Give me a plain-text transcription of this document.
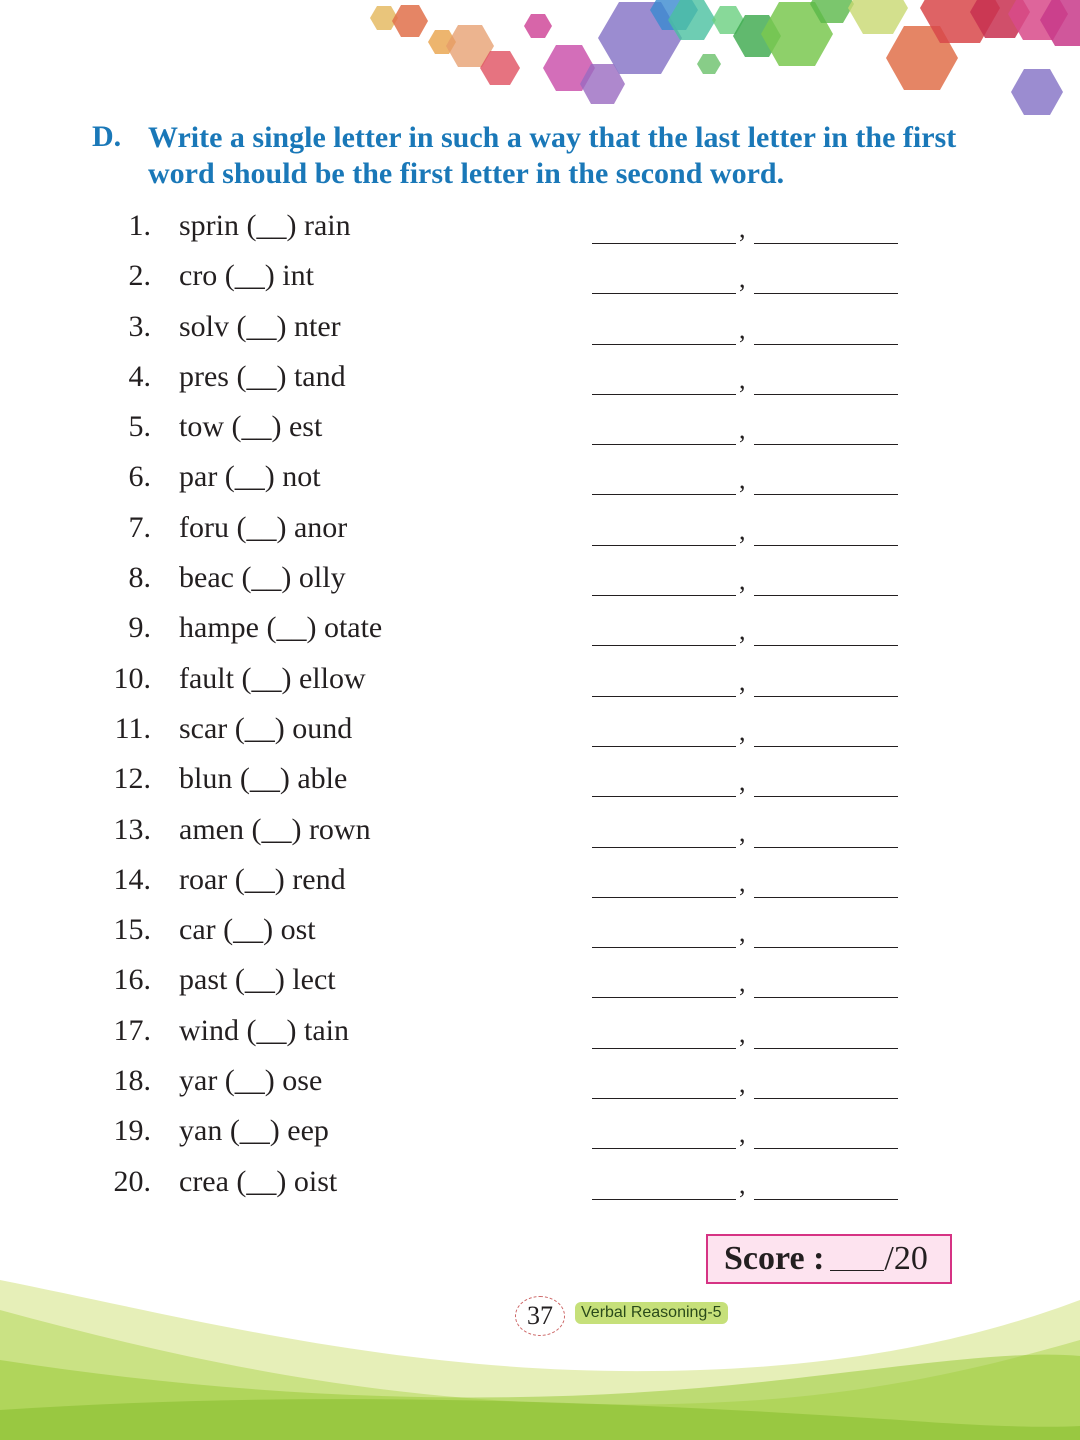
D. Write a single letter in such a way that the last letter in the first word should be the first letter in the second word.
1. sprin (__) rain	,
2. cro (__) int	,
3. solv (__) nter	,
4. pres (__) tand	,
5. tow (__) est	,
6. par (__) not	,
7. foru (__) anor	,
8. beac (__) olly	,
9. hampe (__) otate	,
10. fault (__) ellow	,
11. scar (__) ound	,
12. blun (__) able	,
13. amen (__) rown	,
14. roar (__) rend	,
15. car (__) ost	,
16. past (__) lect	,
17. wind (__) tain	,
18. yar (__) ose	,
19. yan (__) eep	,
20. crea (__) oist	,
Score : /20
37	Verbal Reasoning-5
